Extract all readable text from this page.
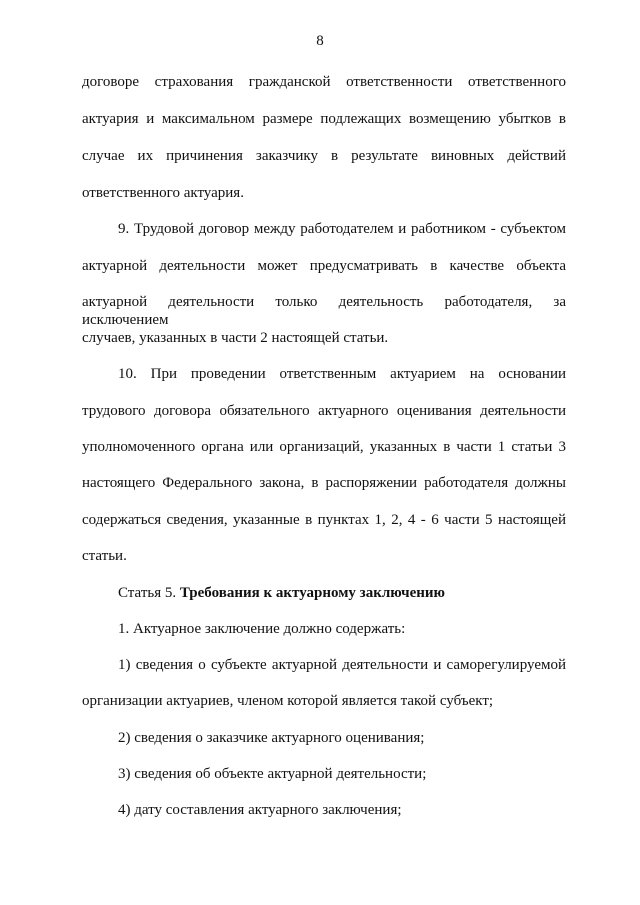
8
договоре страхования гражданской ответственности ответственного
актуария и максимальном размере подлежащих возмещению убытков в
случае их причинения заказчику в результате виновных действий
ответственного актуария.
9. Трудовой договор между работодателем и работником - субъектом
актуарной деятельности может предусматривать в качестве объекта
актуарной деятельности только деятельность работодателя, за исключением
случаев, указанных в части 2 настоящей статьи.
10. При проведении ответственным актуарием на основании
трудового договора обязательного актуарного оценивания деятельности
уполномоченного органа или организаций, указанных в части 1 статьи 3
настоящего Федерального закона, в распоряжении работодателя должны
содержаться сведения, указанные в пунктах 1, 2, 4 - 6 части 5 настоящей
статьи.
Статья 5. Требования к актуарному заключению
1. Актуарное заключение должно содержать:
1) сведения о субъекте актуарной деятельности и саморегулируемой
организации актуариев, членом которой является такой субъект;
2) сведения о заказчике актуарного оценивания;
3) сведения об объекте актуарной деятельности;
4) дату составления актуарного заключения;
